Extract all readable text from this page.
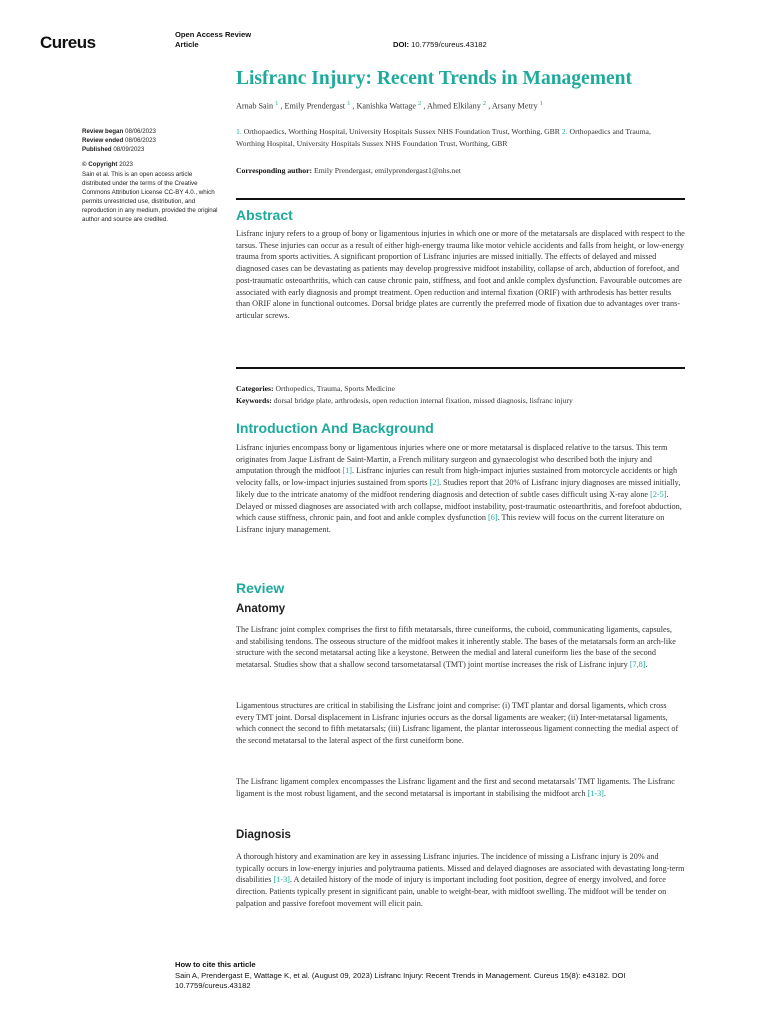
Cureus	Open Access Review
Article	DOI: 10.7759/cureus.43182
Lisfranc Injury: Recent Trends in Management
Arnab Sain $^1$ , Emily Prendergast $^1$ , Kanishka Wattage $^2$ , Ahmed Elkilany $^2$ , Arsany Metry $^1$
1. Orthopaedics, Worthing Hospital, University Hospitals Sussex NHS Foundation Trust, Worthing, GBR 2. Orthopaedics and Trauma, Worthing Hospital, University Hospitals Sussex NHS Foundation Trust, Worthing, GBR
Corresponding author: Emily Prendergast, emilyprendergast1@nhs.net
Review began 08/06/2023
Review ended 08/06/2023
Published 08/09/2023
© Copyright 2023
Sain et al. This is an open access article distributed under the terms of the Creative Commons Attribution License CC-BY 4.0., which permits unrestricted use, distribution, and reproduction in any medium, provided the original author and source are credited.	Abstract
Lisfranc injury refers to a group of bony or ligamentous injuries in which one or more of the metatarsals are displaced with respect to the tarsus. These injuries can occur as a result of either high-energy trauma like motor vehicle accidents and falls from height, or low-energy trauma from sports activities. A significant proportion of Lisfranc injuries are missed initially. The effects of delayed and missed diagnosed cases can be devastating as patients may develop progressive midfoot instability, collapse of arch, abduction of forefoot, and post-traumatic osteoarthritis, which can cause chronic pain, stiffness, and foot and ankle complex dysfunction. Favourable outcomes are associated with early diagnosis and prompt treatment. Open reduction and internal fixation (ORIF) with arthrodesis has better results than ORIF alone in functional outcomes. Dorsal bridge plates are currently the preferred mode of fixation due to advantages over trans-articular screws.
Categories: Orthopedics, Trauma, Sports Medicine
Keywords: dorsal bridge plate, arthrodesis, open reduction internal fixation, missed diagnosis, lisfranc injury
Introduction And Background
Lisfranc injuries encompass bony or ligamentous injuries where one or more metatarsal is displaced relative to the tarsus. This term originates from Jaque Lisfrant de Saint-Martin, a French military surgeon and gynaecologist who described both the injury and amputation through the midfoot [1]. Lisfranc injuries can result from high-impact injuries sustained from motorcycle accidents or high velocity falls, or low-impact injuries sustained from sports [2]. Studies report that 20% of Lisfranc injury diagnoses are missed initially, likely due to the intricate anatomy of the midfoot rendering diagnosis and detection of subtle cases difficult using X-ray alone [2-5]. Delayed or missed diagnoses are associated with arch collapse, midfoot instability, post-traumatic osteoarthritis, and forefoot abduction, which cause stiffness, chronic pain, and foot and ankle complex dysfunction [6]. This review will focus on the current literature on Lisfranc injury management.
Review
Anatomy
The Lisfranc joint complex comprises the first to fifth metatarsals, three cuneiforms, the cuboid, communicating ligaments, capsules, and stabilising tendons. The osseous structure of the midfoot makes it inherently stable. The bases of the metatarsals form an arch-like structure with the second metatarsal acting like a keystone. Between the medial and lateral cuneiform lies the base of the second metatarsal. Studies show that a shallow second tarsometatarsal (TMT) joint mortise increases the risk of Lisfranc injury [7,8].
Ligamentous structures are critical in stabilising the Lisfranc joint and comprise: (i) TMT plantar and dorsal ligaments, which cross every TMT joint. Dorsal displacement in Lisfranc injuries occurs as the dorsal ligaments are weaker; (ii) Inter-metatarsal ligaments, which connect the second to fifth metatarsals; (iii) Lisfranc ligament, the plantar interosseous ligament connecting the medial aspect of the second metatarsal to the lateral aspect of the first cuneiform bone.
The Lisfranc ligament complex encompasses the Lisfranc ligament and the first and second metatarsals' TMT ligaments. The Lisfranc ligament is the most robust ligament, and the second metatarsal is important in stabilising the midfoot arch [1-3].
Diagnosis
A thorough history and examination are key in assessing Lisfranc injuries. The incidence of missing a Lisfranc injury is 20% and typically occurs in low-energy injuries and polytrauma patients. Missed and delayed diagnoses are associated with devastating long-term disabilities [1-3]. A detailed history of the mode of injury is important including foot position, degree of energy involved, and force direction. Patients typically present in significant pain, unable to weight-bear, with midfoot swelling. The midfoot will be tender on palpation and passive forefoot movement will elicit pain.
How to cite this article
Sain A, Prendergast E, Wattage K, et al. (August 09, 2023) Lisfranc Injury: Recent Trends in Management. Cureus 15(8): e43182. DOI 10.7759/cureus.43182
